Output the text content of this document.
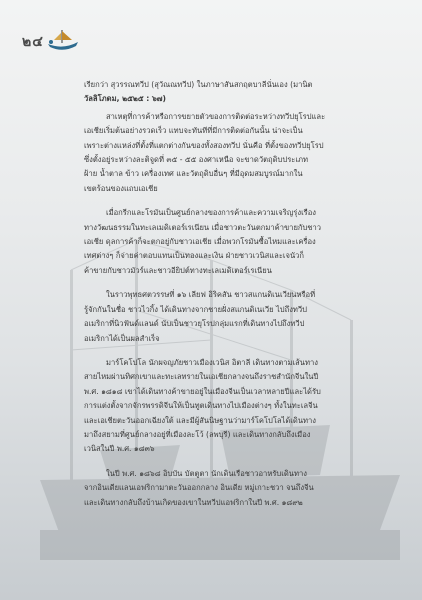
๒๔

เรียกว่า สุวรรณทวีป (สุวัณณทวีป) ในภาษาสันสกฤตบาลีนั่นเอง (มานิต
วัลลิโภดม, ๒๕๒๕ : ๖๗)

สาเหตุที่การค้าหรือการขยายตัวของการติดต่อระหว่างทวีปยุโรปและ
เอเชียเริ่มต้นอย่างรวดเร็ว แทบจะทันทีที่มีการติดต่อกันนั้น น่าจะเป็น
เพราะต่างแหล่งที่ตั้งที่แตกต่างกันของทั้งสองทวีป นั่นคือ ที่ตั้งของทวีปยุโรป
ซึ่งตั้งอยู่ระหว่างละติจูดที่ ๓๕ - ๕๕ องศาเหนือ จะขาดวัตถุดิบประเภท
ฝ้าย น้ำตาล ข้าว เครื่องเทศ และวัตถุดิบอื่นๆ ที่มีอุดมสมบูรณ์มากใน
เขตร้อนของแถบเอเชีย

เมื่อกรีกและโรมันเป็นศูนย์กลางของการค้าและความเจริญรุ่งเรือง
ทางวัฒนธรรมในทะเลเมดิเตอร์เรเนียน เมื่อชาวตะวันตกมาค้าขายกับชาว
เอเชีย ดุลการค้าก็จะตกอยู่กับชาวเอเชีย เมื่อพวกโรมันซื้อไหมและเครื่อง
เทศต่างๆ ก็จ่ายค่าตอบแทนเป็นทองและเงิน ฝ่ายชาวเวนิสและเจนัวก็
ค้าขายกับชาวมัวร์และชาวอียิปต์ทางทะเลเมดิเตอร์เรเนียน

ในราวพุทธศตวรรษที่ ๑๖ เลียฟ อิริคสัน ชาวสแกนดิเนเวียนหรือที่
รู้จักกันในชื่อ ชาวไวกิ้ง ได้เดินทางจากชายฝั่งสแกนดิเนเวีย ไปถึงทวีป
อเมริกาที่นิวฟันด์แลนด์ นับเป็นชาวยุโรปกลุ่มแรกที่เดินทางไปถึงทวีป
อเมริกาได้เป็นผลสำเร็จ

มาร์โคโปโล นักผจญภัยชาวเมืองเวนิส อิตาลี เดินทางตามเส้นทาง
สายไหมผ่านทิศกเขาและทะเลทรายในเอเชียกลางจนถึงราชสำนักจีนในปี
พ.ศ. ๑๘๑๘ เขาได้เดินทางค้าขายอยู่ในเมืองจีนเป็นเวลาหลายปีและได้รับ
การแต่งตั้งจากจักรพรรดิจีนให้เป็นทูตเดินทางไปเมืองต่างๆ ทั้งในทะเลจีน
และเอเชียตะวันออกเฉียงใต้ และมีผู้สันนิษฐานว่ามาร์โคโปโลได้เดินทาง
มาถึงสยามที่ศูนย์กลางอยู่ที่เมืองละโว้ (ลพบุรี) และเดินทางกลับถึงเมือง
เวนิสในปี พ.ศ. ๑๘๓๖

ในปี พ.ศ. ๑๘๖๘ อิบบัน บัตตูตา นักเดินเรือชาวอาหรับเดินทาง
จากอินเดียแลนเอฟริกามาตะวันออกกลาง อินเดีย หมู่เกาะชวา จนถึงจีน
และเดินทางกลับถึงบ้านเกิดของเขาในทวีปแอฟริกาในปี พ.ศ. ๑๘๙๒
